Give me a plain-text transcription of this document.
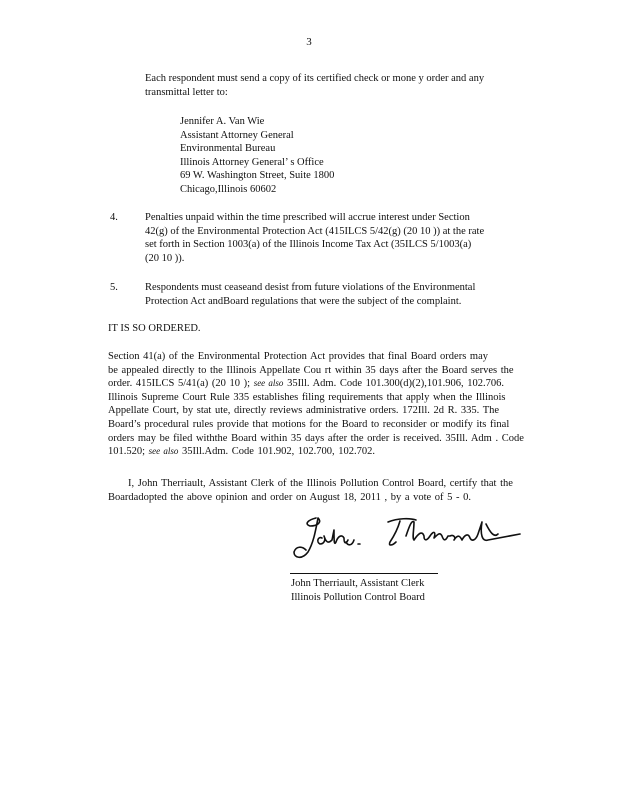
3
Each respondent must send a copy of its certified check or mone y order and any
transmittal letter to:
Jennifer A. Van Wie
Assistant Attorney General
Environmental Bureau
Illinois Attorney General’ s Office
69 W. Washington Street, Suite 1800
Chicago,Illinois 60602
4.	Penalties unpaid within the time prescribed will accrue interest under Section
42(g) of the Environmental Protection Act (415ILCS 5/42(g) (20 10 )) at the rate
set forth in Section 1003(a) of the Illinois Income Tax Act (35ILCS 5/1003(a)
(20 10 )).
5.	Respondents must ceaseand desist from future violations of the Environmental
Protection Act andBoard regulations that were the subject of the complaint.
IT IS SO ORDERED.
Section 41(a) of the Environmental Protection Act provides that final Board orders may
be appealed directly to the Illinois Appellate Cou rt within 35 days after the Board serves the
order. 415ILCS 5/41(a) (20 10 ); see also 35Ill. Adm. Code 101.300(d)(2),101.906, 102.706.
Illinois Supreme Court Rule 335 establishes filing requirements that apply when the Illinois
Appellate Court, by stat ute, directly reviews administrative orders. 172Ill. 2d R. 335. The
Board’s procedural rules provide that motions for the Board to reconsider or modify its final
orders may be filed withthe Board within 35 days after the order is received. 35Ill. Adm . Code
101.520; see also 35Ill.Adm. Code 101.902, 102.700, 102.702.
I, John Therriault, Assistant Clerk of the Illinois Pollution Control Board, certify that the
Boardadopted the above opinion and order on August 18, 2011 , by a vote of 5 - 0.
John Therriault, Assistant Clerk
Illinois Pollution Control Board
